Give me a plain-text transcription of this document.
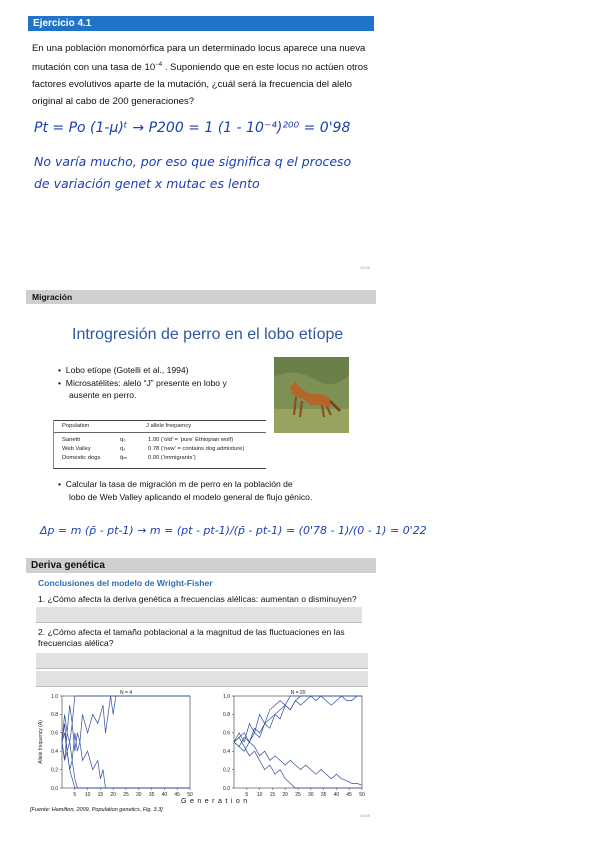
Ejercicio 4.1
En una población monomórfica para un determinado locus aparece una nueva
mutación con una tasa de $10^{-4}$ . Suponiendo que en este locus no actúen otros
factores evolutivos aparte de la mutación, ¿cuál será la frecuencia del alelo
original al cabo de 200 generaciones?
Pt = Po (1-μ)ᵗ → P200 = 1 (1 - 10⁻⁴)²⁰⁰ = 0'98
No varía mucho, por eso que significa q el proceso
de variación genet x mutac es lento
12/40
Migración
Introgresión de perro en el lobo etíope
•  Lobo etíope (Gotelli et al., 1994)
•  Microsatélites: alelo “J” presente en lobo y
ausente en perro.
Population	J allele frequency
Sanetti	q₀	1.00 (‘old’ = ‘pure’ Ethiopian wolf)
Web Valley	q₁	0.78 (‘new’ = contains dog admixture)
Domestic dogs	q̄ₘ	0.00 (‘immigrants’)
•  Calcular la tasa de migración m de perro en la población de
lobo de Web Valley aplicando el modelo general de flujo génico.
Δp = m (p̄ - pt-1) → m = (pt - pt-1)/(p̄ - pt-1) = (0'78 - 1)/(0 - 1) = 0'22
Deriva genética
Conclusiones del modelo de Wright-Fisher
1. ¿Cómo afecta la deriva genética a frecuencias alélicas: aumentan o disminuyen?
2. ¿Cómo afecta el tamaño poblacional a la magnitud de las fluctuaciones en las
frecuencias alélica?
N = 4
0.0
0.2
0.4
0.6
0.8
1.0
5 10 15 20 25 30 35 40 45 50
Allele frequency (A)
N = 20
0.0
0.2
0.4
0.6
0.8
1.0
5 10 15 20 25 30 35 40 45 50
Generation
[Fuente: Hamilton, 2009, Population genetics, Fig. 3.3]
42/59
